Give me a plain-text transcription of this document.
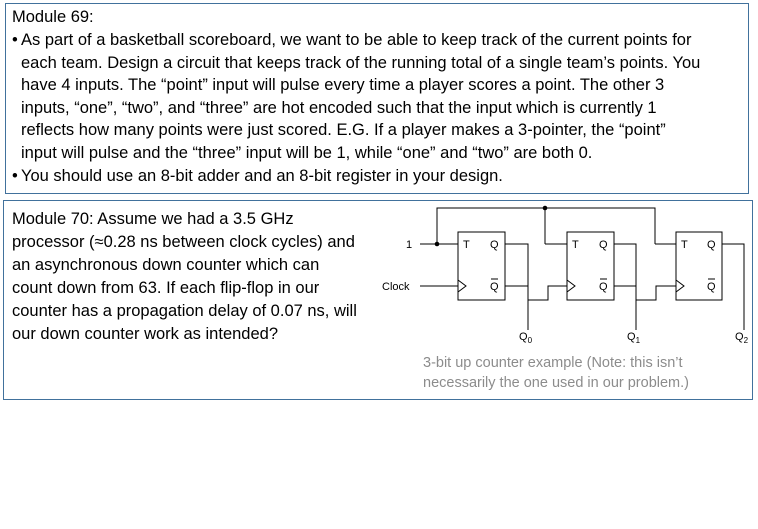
Module 69:
• As part of a basketball scoreboard, we want to be able to keep track of the current points for
each team. Design a circuit that keeps track of the running total of a single team’s points. You
have 4 inputs. The “point” input will pulse every time a player scores a point. The other 3
inputs, “one”, “two”, and “three” are hot encoded such that the input which is currently 1
reflects how many points were just scored. E.G. If a player makes a 3-pointer, the “point”
input will pulse and the “three” input will be 1, while “one” and “two” are both 0.
• You should use an 8-bit adder and an 8-bit register in your design.
Module 70: Assume we had a 3.5 GHz
processor (≈0.28 ns between clock cycles) and
an asynchronous down counter which can
count down from 63. If each flip-flop in our
counter has a propagation delay of 0.07 ns, will
our down counter work as intended?
1
Clock
T Q
Q
T Q
Q
T Q
Q
$Q_0$	$Q_1$	$Q_2$
3-bit up counter example (Note: this isn’t
necessarily the one used in our problem.)
